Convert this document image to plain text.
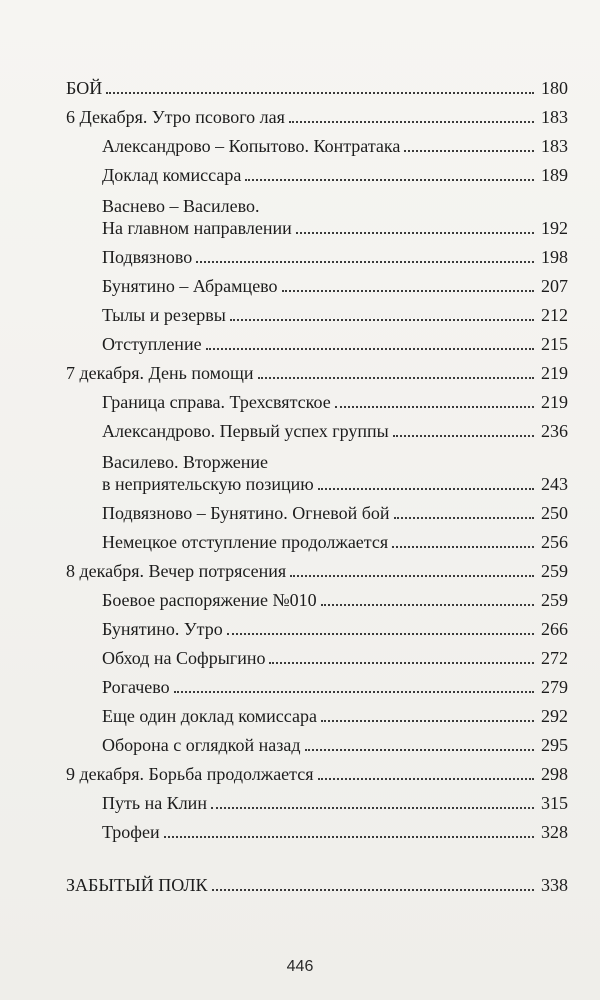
БОЙ	180
6 Декабря. Утро псового лая	183
Александрово – Копытово. Контратака	183
Доклад комиссара	189
Васнево – Василево.
На главном направлении	192
Подвязново	198
Бунятино – Абрамцево	207
Тылы и резервы	212
Отступление	215
7 декабря. День помощи	219
Граница справа. Трехсвятское	219
Александрово. Первый успех группы	236
Василево. Вторжение
в неприятельскую позицию	243
Подвязново – Бунятино. Огневой бой	250
Немецкое отступление продолжается	256
8 декабря. Вечер потрясения	259
Боевое распоряжение №010	259
Бунятино. Утро	266
Обход на Софрыгино	272
Рогачево	279
Еще один доклад комиссара	292
Оборона с оглядкой назад	295
9 декабря. Борьба продолжается	298
Путь на Клин	315
Трофеи	328
ЗАБЫТЫЙ ПОЛК	338
446
